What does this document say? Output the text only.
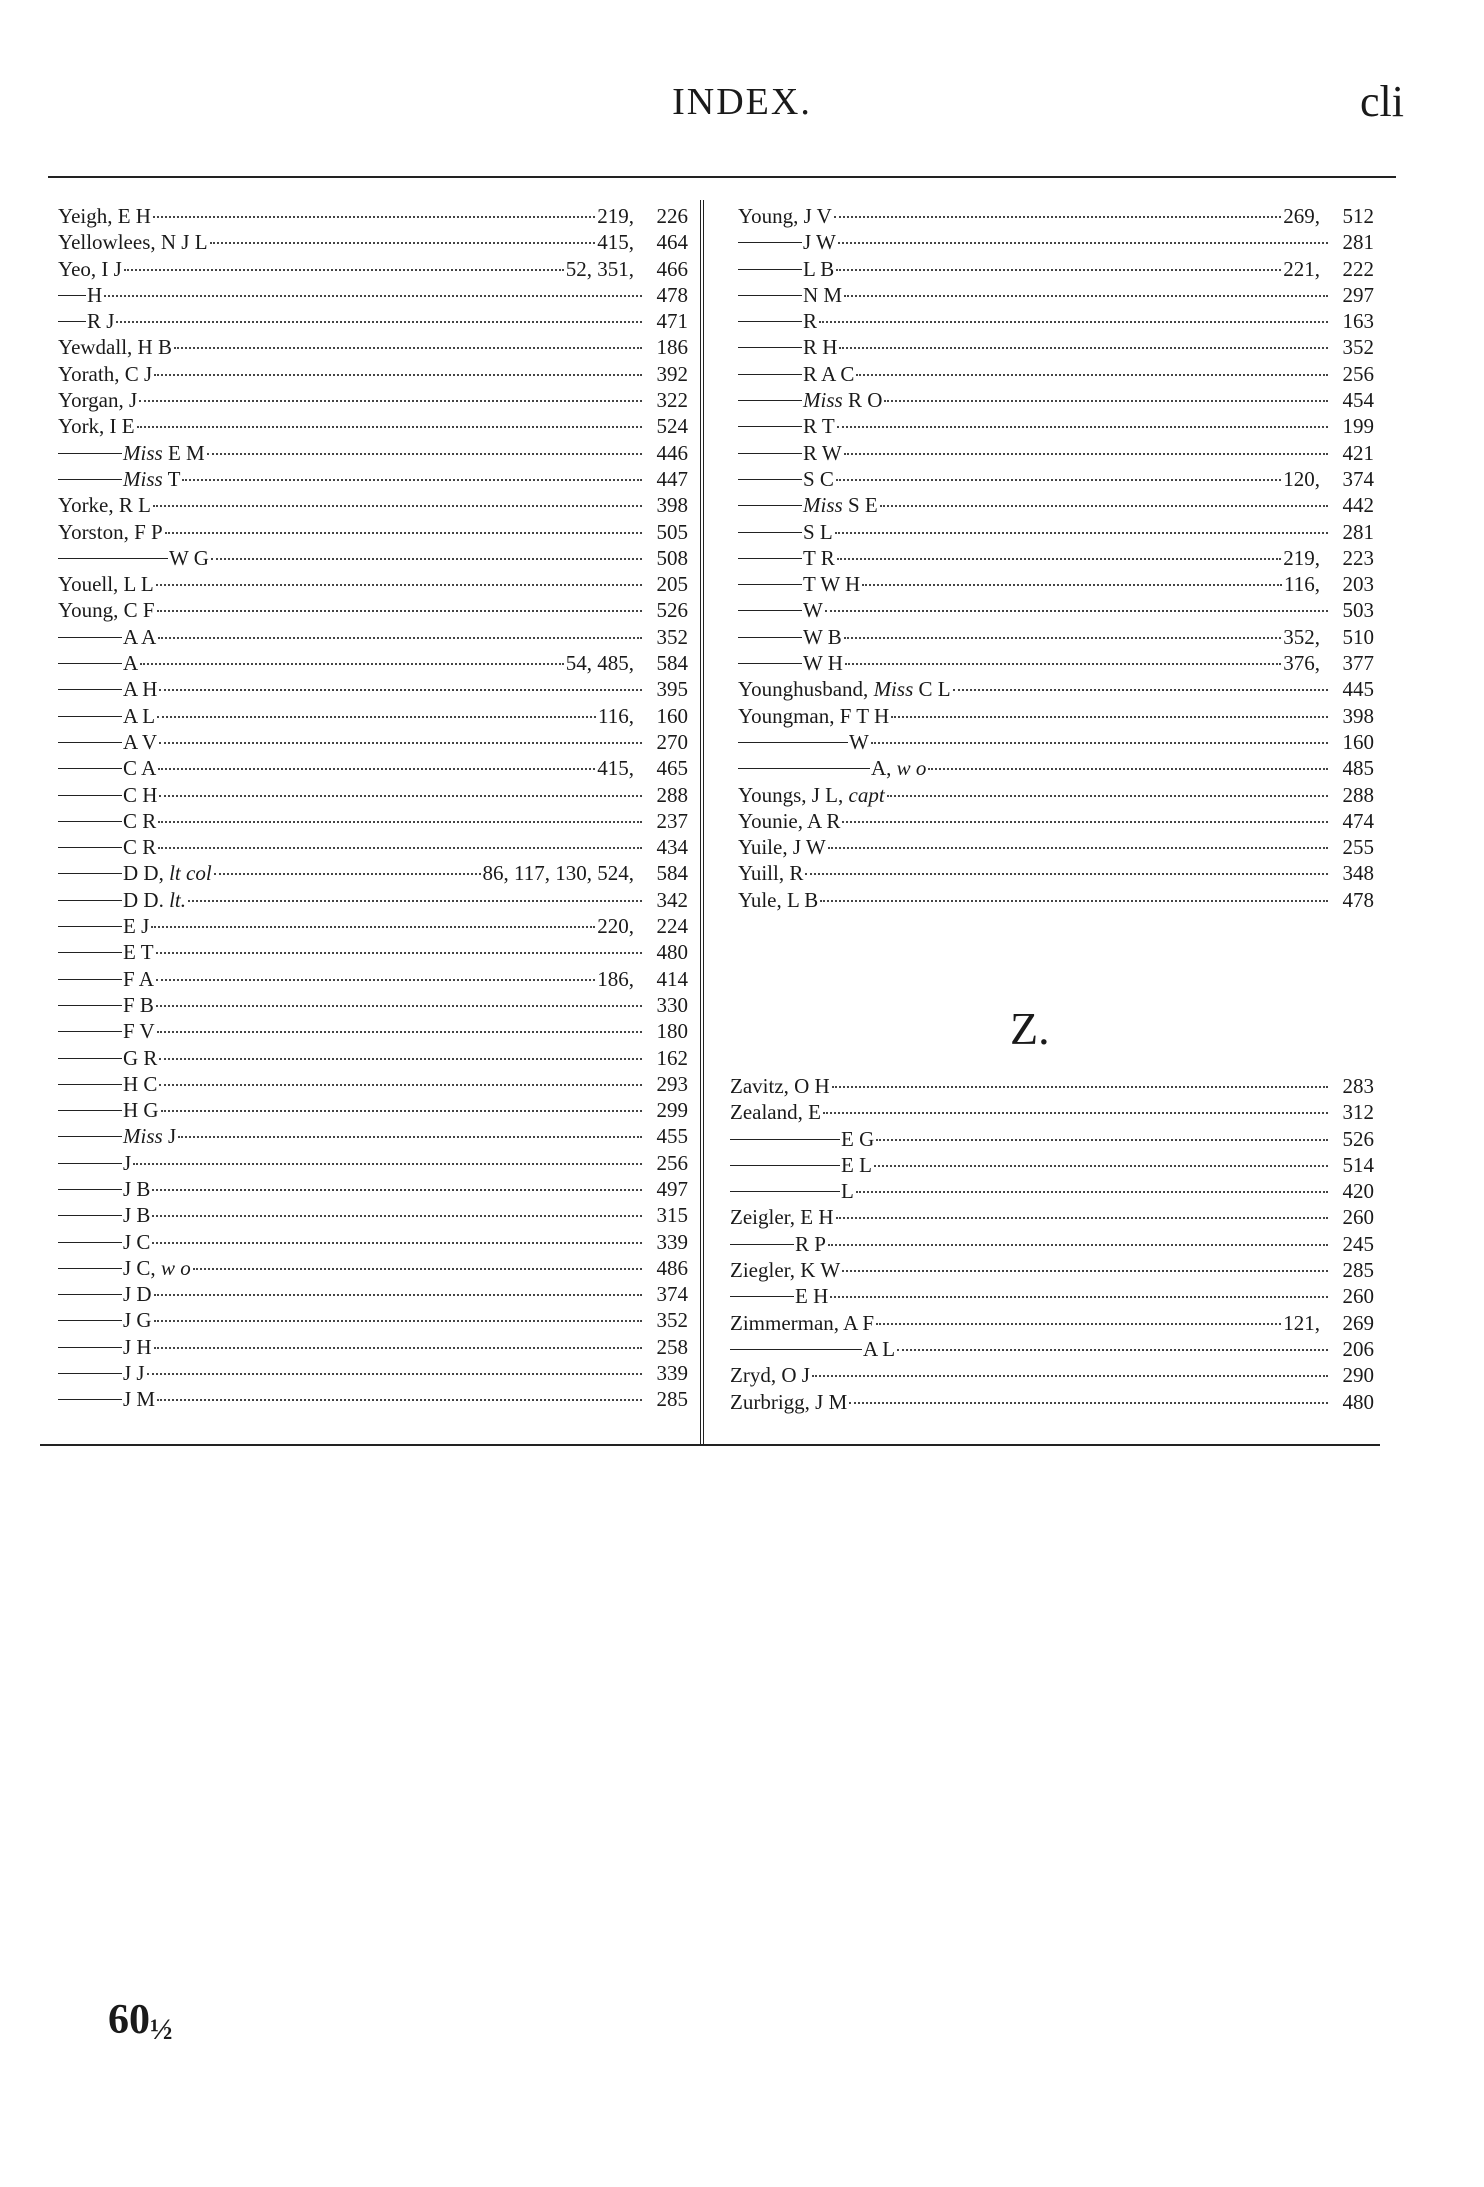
INDEX.	cli
Yeigh, E H	219,	226
Yellowlees, N J L	415,	464
Yeo, I J	52, 351,	466
H	478
R J	471
Yewdall, H B	186
Yorath, C J	392
Yorgan, J	322
York, I E	524
Miss E M	446
Miss T	447
Yorke, R L	398
Yorston, F P	505
W G	508
Youell, L L	205
Young, C F	526
A A	352
A	54, 485,	584
A H	395
A L	116,	160
A V	270
C A	415,	465
C H	288
C R	237
C R	434
D D, lt col	86, 117, 130, 524,	584
D D. lt.	342
E J	220,	224
E T	480
F A	186,	414
F B	330
F V	180
G R	162
H C	293
H G	299
Miss J	455
J	256
J B	497
J B	315
J C	339
J C, w o	486
J D	374
J G	352
J H	258
J J	339
J M	285
Young, J V	269,	512
J W	281
L B	221,	222
N M	297
R	163
R H	352
R A C	256
Miss R O	454
R T	199
R W	421
S C	120,	374
Miss S E	442
S L	281
T R	219,	223
T W H	116,	203
W	503
W B	352,	510
W H	376,	377
Younghusband, Miss C L	445
Youngman, F T H	398
W	160
A, w o	485
Youngs, J L, capt	288
Younie, A R	474
Yuile, J W	255
Yuill, R	348
Yule, L B	478
Z.
Zavitz, O H	283
Zealand, E	312
E G	526
E L	514
L	420
Zeigler, E H	260
R P	245
Ziegler, K W	285
E H	260
Zimmerman, A F	121,	269
A L	206
Zryd, O J	290
Zurbrigg, J M	480
60½
